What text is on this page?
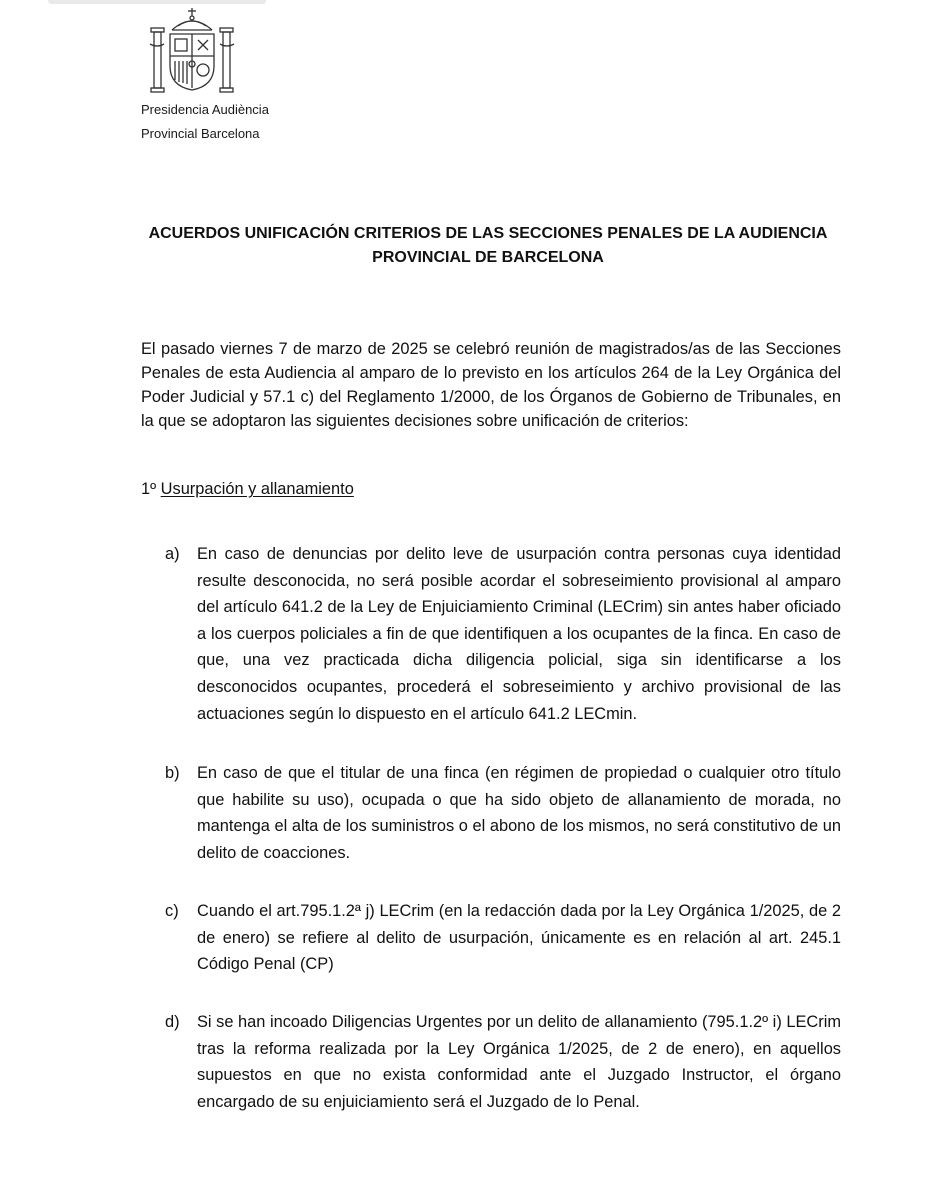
Presidencia Audiència
Provincial Barcelona
ACUERDOS UNIFICACIÓN CRITERIOS DE LAS SECCIONES PENALES DE LA AUDIENCIA
PROVINCIAL DE BARCELONA

El pasado viernes 7 de marzo de 2025 se celebró reunión de magistrados/as de las Secciones Penales de esta Audiencia al amparo de lo previsto en los artículos 264 de la Ley Orgánica del Poder Judicial y 57.1 c) del Reglamento 1/2000, de los Órganos de Gobierno de Tribunales, en la que se adoptaron las siguientes decisiones sobre unificación de criterios:

1º Usurpación y allanamiento
a)	En caso de denuncias por delito leve de usurpación contra personas cuya identidad resulte desconocida, no será posible acordar el sobreseimiento provisional al amparo del artículo 641.2 de la Ley de Enjuiciamiento Criminal (LECrim) sin antes haber oficiado a los cuerpos policiales a fin de que identifiquen a los ocupantes de la finca. En caso de que, una vez practicada dicha diligencia policial, siga sin identificarse a los desconocidos ocupantes, procederá el sobreseimiento y archivo provisional de las actuaciones según lo dispuesto en el artículo 641.2 LECmin.
b)	En caso de que el titular de una finca (en régimen de propiedad o cualquier otro título que habilite su uso), ocupada o que ha sido objeto de allanamiento de morada, no mantenga el alta de los suministros o el abono de los mismos, no será constitutivo de un delito de coacciones.
c)	Cuando el art.795.1.2ª j) LECrim (en la redacción dada por la Ley Orgánica 1/2025, de 2 de enero) se refiere al delito de usurpación, únicamente es en relación al art. 245.1 Código Penal (CP)
d)	Si se han incoado Diligencias Urgentes por un delito de allanamiento (795.1.2º i) LECrim tras la reforma realizada por la Ley Orgánica 1/2025, de 2 de enero), en aquellos supuestos en que no exista conformidad ante el Juzgado Instructor, el órgano encargado de su enjuiciamiento será el Juzgado de lo Penal.
